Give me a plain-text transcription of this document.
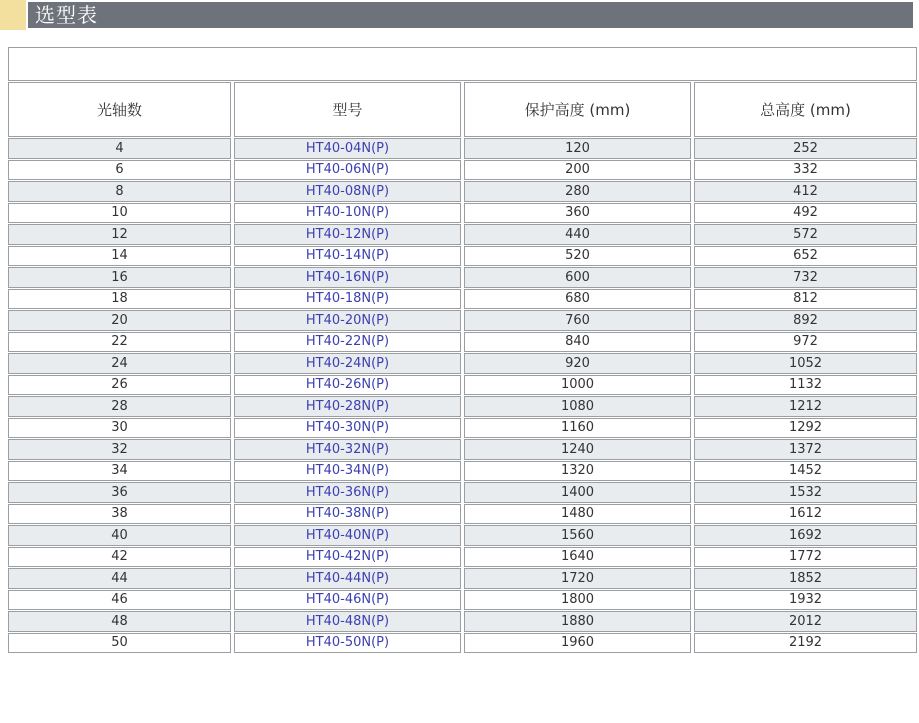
选型表

光轴数	型号	保护高度 (mm)	总高度 (mm)
4	HT40-04N(P)	120	252
6	HT40-06N(P)	200	332
8	HT40-08N(P)	280	412
10	HT40-10N(P)	360	492
12	HT40-12N(P)	440	572
14	HT40-14N(P)	520	652
16	HT40-16N(P)	600	732
18	HT40-18N(P)	680	812
20	HT40-20N(P)	760	892
22	HT40-22N(P)	840	972
24	HT40-24N(P)	920	1052
26	HT40-26N(P)	1000	1132
28	HT40-28N(P)	1080	1212
30	HT40-30N(P)	1160	1292
32	HT40-32N(P)	1240	1372
34	HT40-34N(P)	1320	1452
36	HT40-36N(P)	1400	1532
38	HT40-38N(P)	1480	1612
40	HT40-40N(P)	1560	1692
42	HT40-42N(P)	1640	1772
44	HT40-44N(P)	1720	1852
46	HT40-46N(P)	1800	1932
48	HT40-48N(P)	1880	2012
50	HT40-50N(P)	1960	2192
